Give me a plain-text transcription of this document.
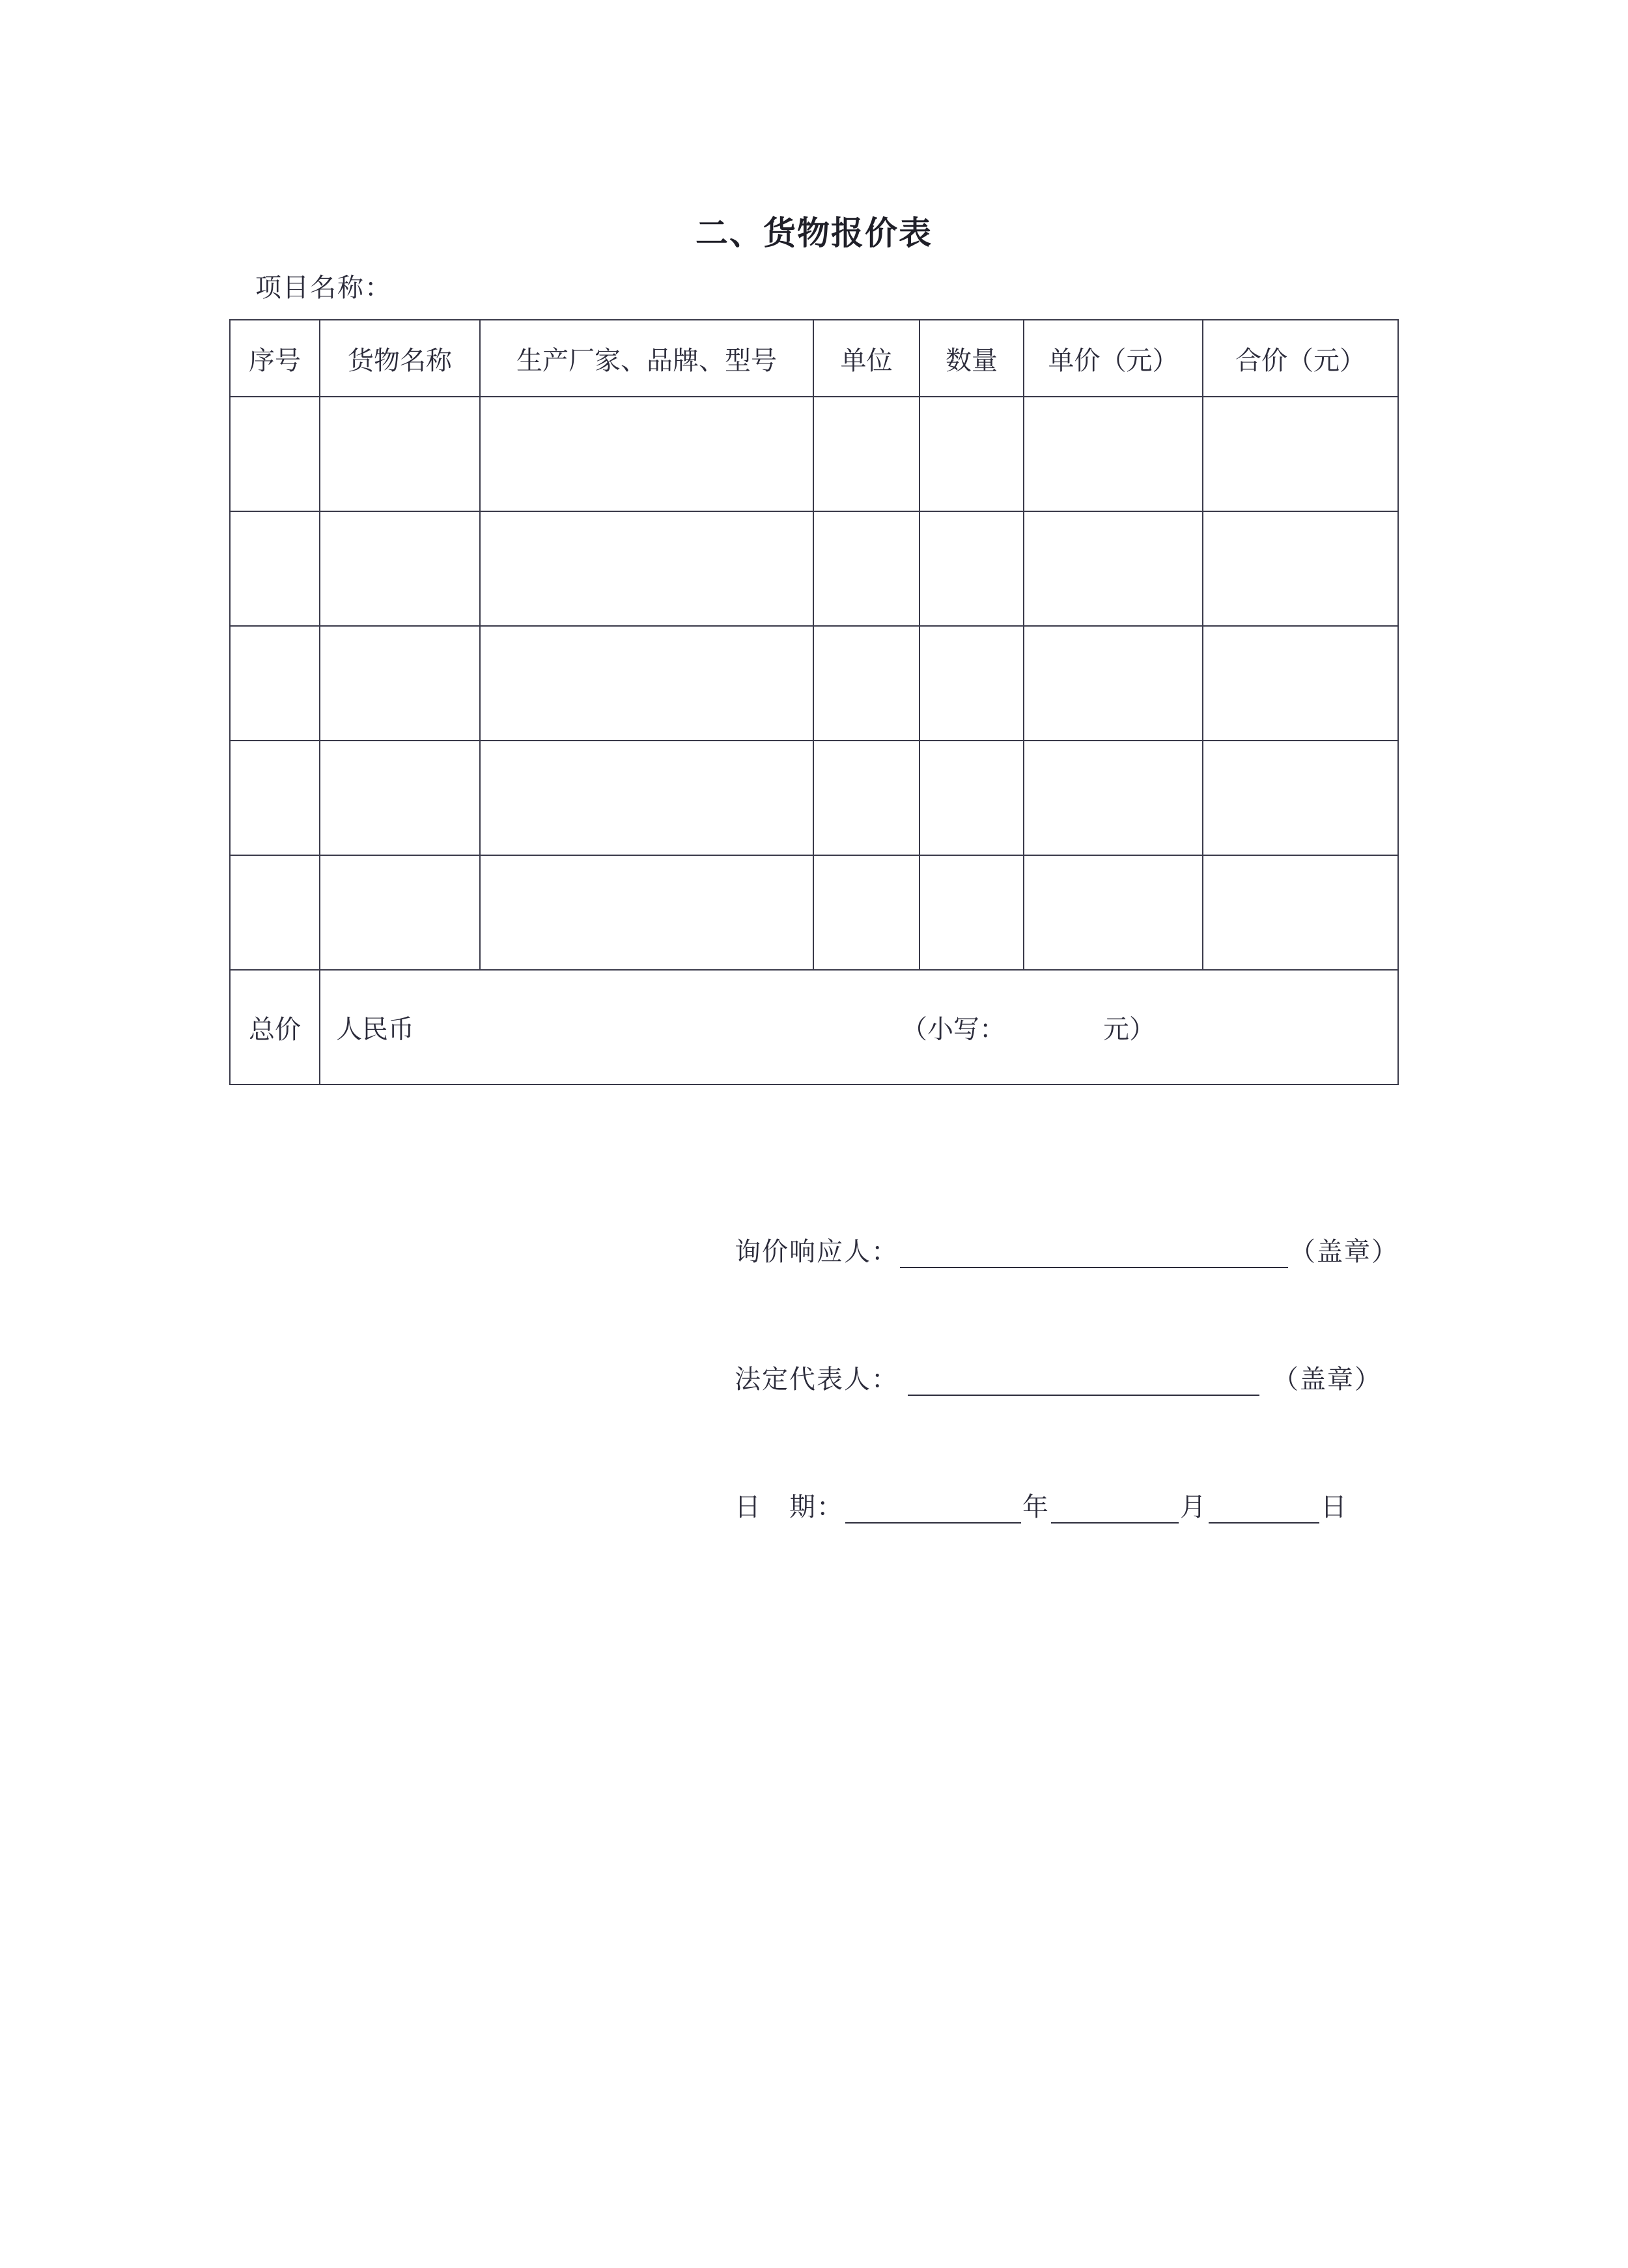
二、货物报价表
项目名称：
序号	货物名称	生产厂家、品牌、型号	单位	数量	单价（元）	合价（元）

总价	人民币 （小写： 元）					
询价响应人：	（盖章）
法定代表人：	（盖章）
日　期：	年	月	日
